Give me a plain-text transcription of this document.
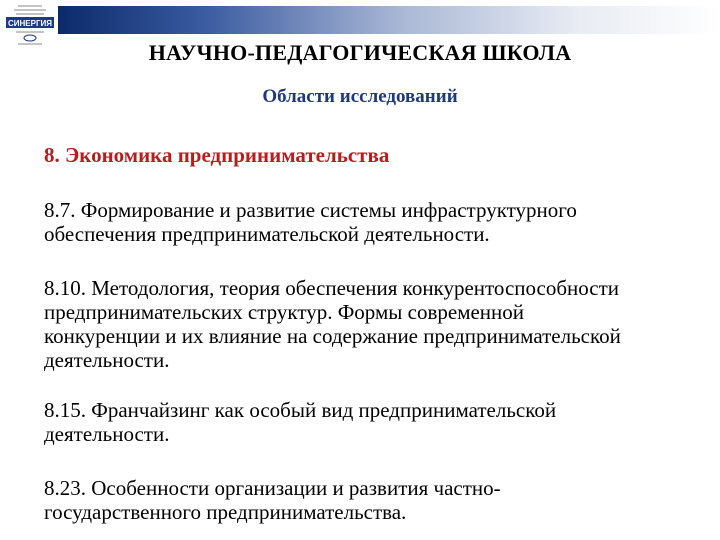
СИНЕРГИЯ
НАУЧНО-ПЕДАГОГИЧЕСКАЯ ШКОЛА
Области исследований
8. Экономика предпринимательства
8.7. Формирование и развитие системы инфраструктурного
обеспечения предпринимательской деятельности.
8.10. Методология, теория обеспечения конкурентоспособности
предпринимательских структур. Формы современной
конкуренции и их влияние на содержание предпринимательской
деятельности.
8.15. Франчайзинг как особый вид предпринимательской
деятельности.
8.23. Особенности организации и развития частно-
государственного предпринимательства.
